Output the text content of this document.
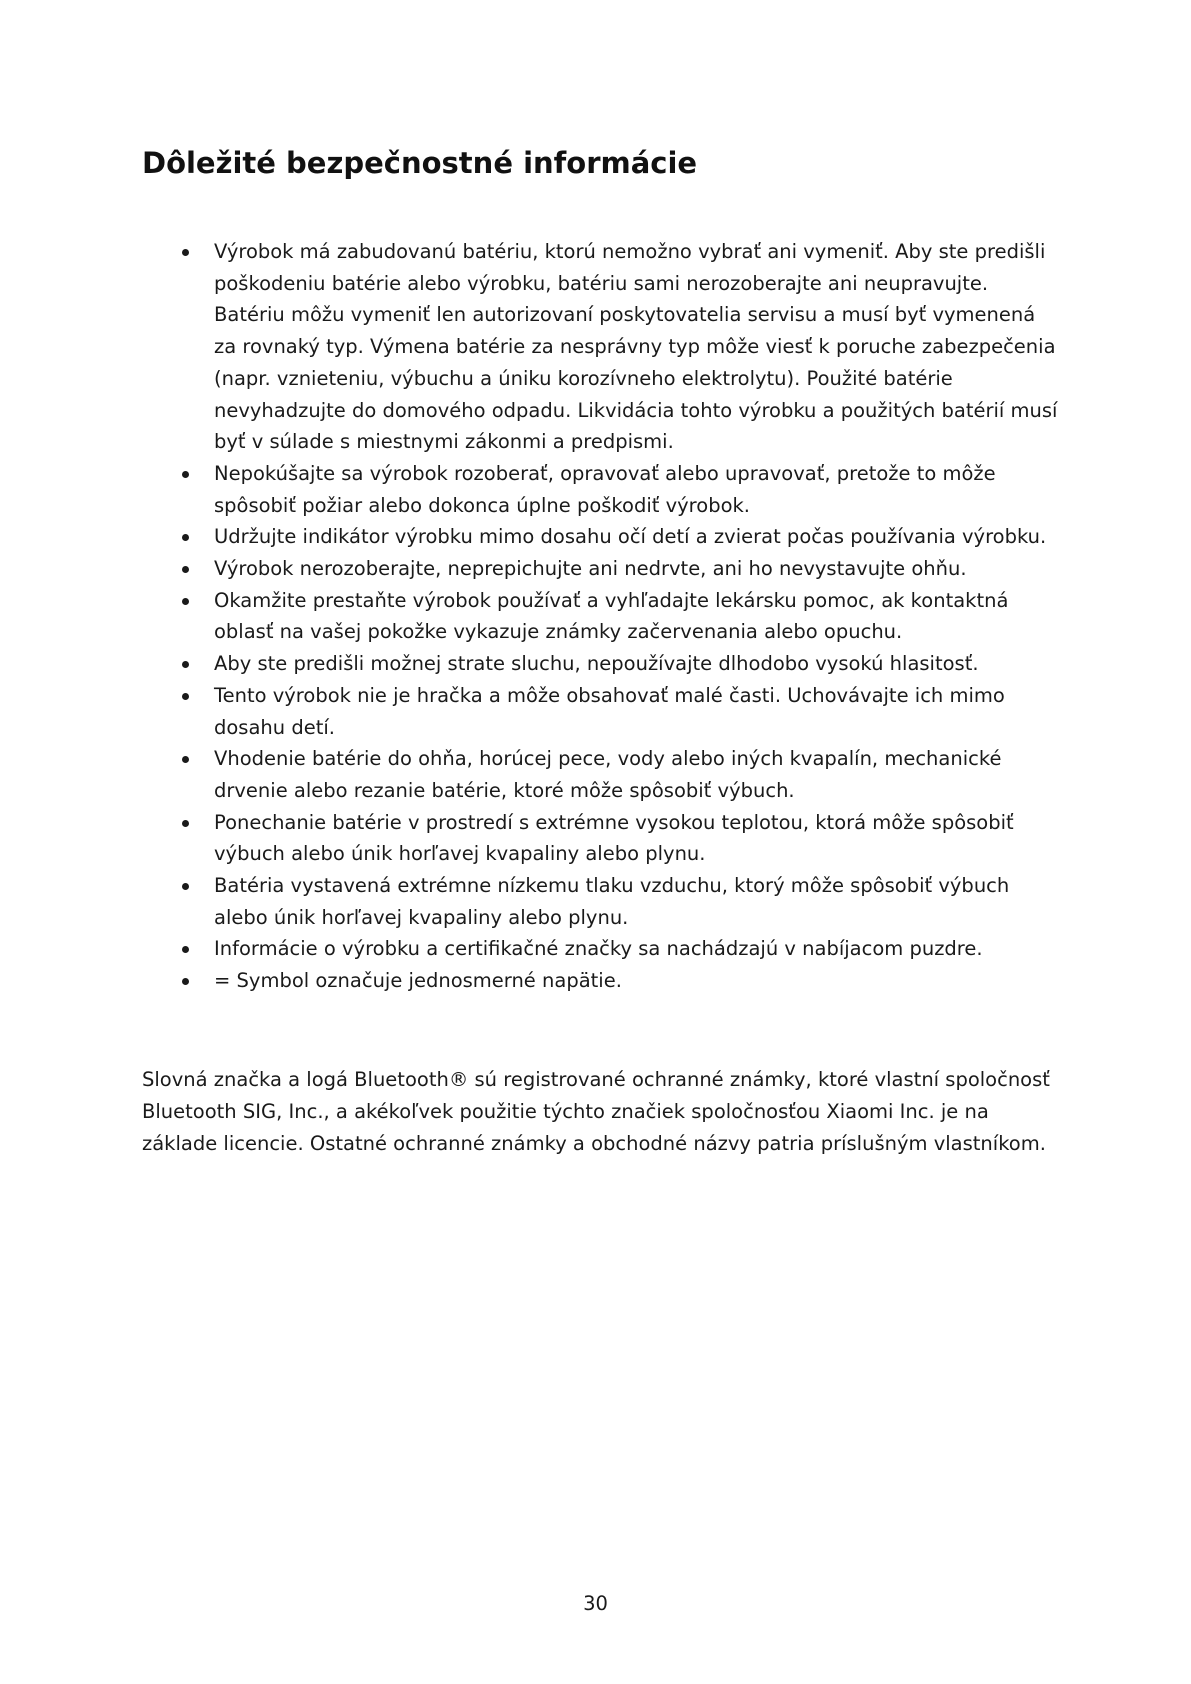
Dôležité bezpečnostné informácie
Výrobok má zabudovanú batériu, ktorú nemožno vybrať ani vymeniť. Aby ste predišli poškodeniu batérie alebo výrobku, batériu sami nerozoberajte ani neupravujte. Batériu môžu vymeniť len autorizovaní poskytovatelia servisu a musí byť vymenená za rovnaký typ. Výmena batérie za nesprávny typ môže viesť k poruche zabezpečenia (napr. vznieteniu, výbuchu a úniku korozívneho elektrolytu). Použité batérie nevyhadzujte do domového odpadu. Likvidácia tohto výrobku a použitých batérií musí byť v súlade s miestnymi zákonmi a predpismi.
Nepokúšajte sa výrobok rozoberať, opravovať alebo upravovať, pretože to môže spôsobiť požiar alebo dokonca úplne poškodiť výrobok.
Udržujte indikátor výrobku mimo dosahu očí detí a zvierat počas používania výrobku.
Výrobok nerozoberajte, neprepichujte ani nedrvte, ani ho nevystavujte ohňu.
Okamžite prestaňte výrobok používať a vyhľadajte lekársku pomoc, ak kontaktná oblasť na vašej pokožke vykazuje známky začervenania alebo opuchu.
Aby ste predišli možnej strate sluchu, nepoužívajte dlhodobo vysokú hlasitosť.
Tento výrobok nie je hračka a môže obsahovať malé časti. Uchovávajte ich mimo dosahu detí.
Vhodenie batérie do ohňa, horúcej pece, vody alebo iných kvapalín, mechanické drvenie alebo rezanie batérie, ktoré môže spôsobiť výbuch.
Ponechanie batérie v prostredí s extrémne vysokou teplotou, ktorá môže spôsobiť výbuch alebo únik horľavej kvapaliny alebo plynu.
Batéria vystavená extrémne nízkemu tlaku vzduchu, ktorý môže spôsobiť výbuch alebo únik horľavej kvapaliny alebo plynu.
Informácie o výrobku a certifikačné značky sa nachádzajú v nabíjacom puzdre.
= Symbol označuje jednosmerné napätie.

Slovná značka a logá Bluetooth® sú registrované ochranné známky, ktoré vlastní spoločnosť Bluetooth SIG, Inc., a akékoľvek použitie týchto značiek spoločnosťou Xiaomi Inc. je na základe licencie. Ostatné ochranné známky a obchodné názvy patria príslušným vlastníkom.

30
